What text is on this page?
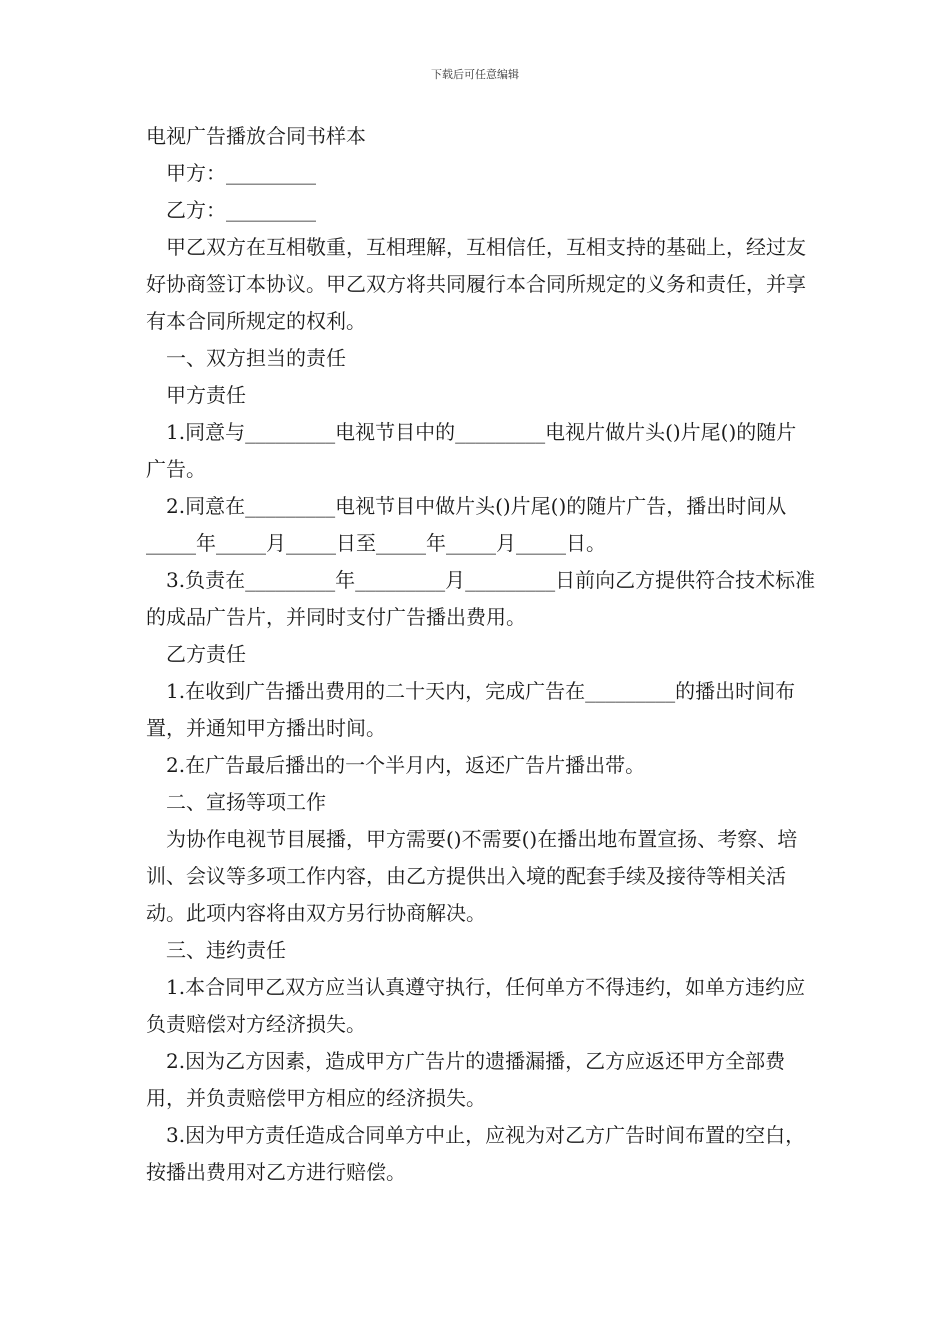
下载后可任意编辑

电视广告播放合同书样本

甲方：_________

乙方：_________

甲乙双方在互相敬重，互相理解，互相信任，互相支持的基础上，经过友好协商签订本协议。甲乙双方将共同履行本合同所规定的义务和责任，并享有本合同所规定的权利。

一、双方担当的责任

甲方责任

1.同意与_________电视节目中的_________电视片做片头()片尾()的随片广告。

2.同意在_________电视节目中做片头()片尾()的随片广告，播出时间从_____年_____月_____日至_____年_____月_____日。

3.负责在_________年_________月_________日前向乙方提供符合技术标准的成品广告片，并同时支付广告播出费用。

乙方责任

1.在收到广告播出费用的二十天内，完成广告在_________的播出时间布置，并通知甲方播出时间。

2.在广告最后播出的一个半月内，返还广告片播出带。

二、宣扬等项工作

为协作电视节目展播，甲方需要()不需要()在播出地布置宣扬、考察、培训、会议等多项工作内容，由乙方提供出入境的配套手续及接待等相关活动。此项内容将由双方另行协商解决。

三、违约责任

1.本合同甲乙双方应当认真遵守执行，任何单方不得违约，如单方违约应负责赔偿对方经济损失。

2.因为乙方因素，造成甲方广告片的遗播漏播，乙方应返还甲方全部费用，并负责赔偿甲方相应的经济损失。

3.因为甲方责任造成合同单方中止，应视为对乙方广告时间布置的空白，按播出费用对乙方进行赔偿。
